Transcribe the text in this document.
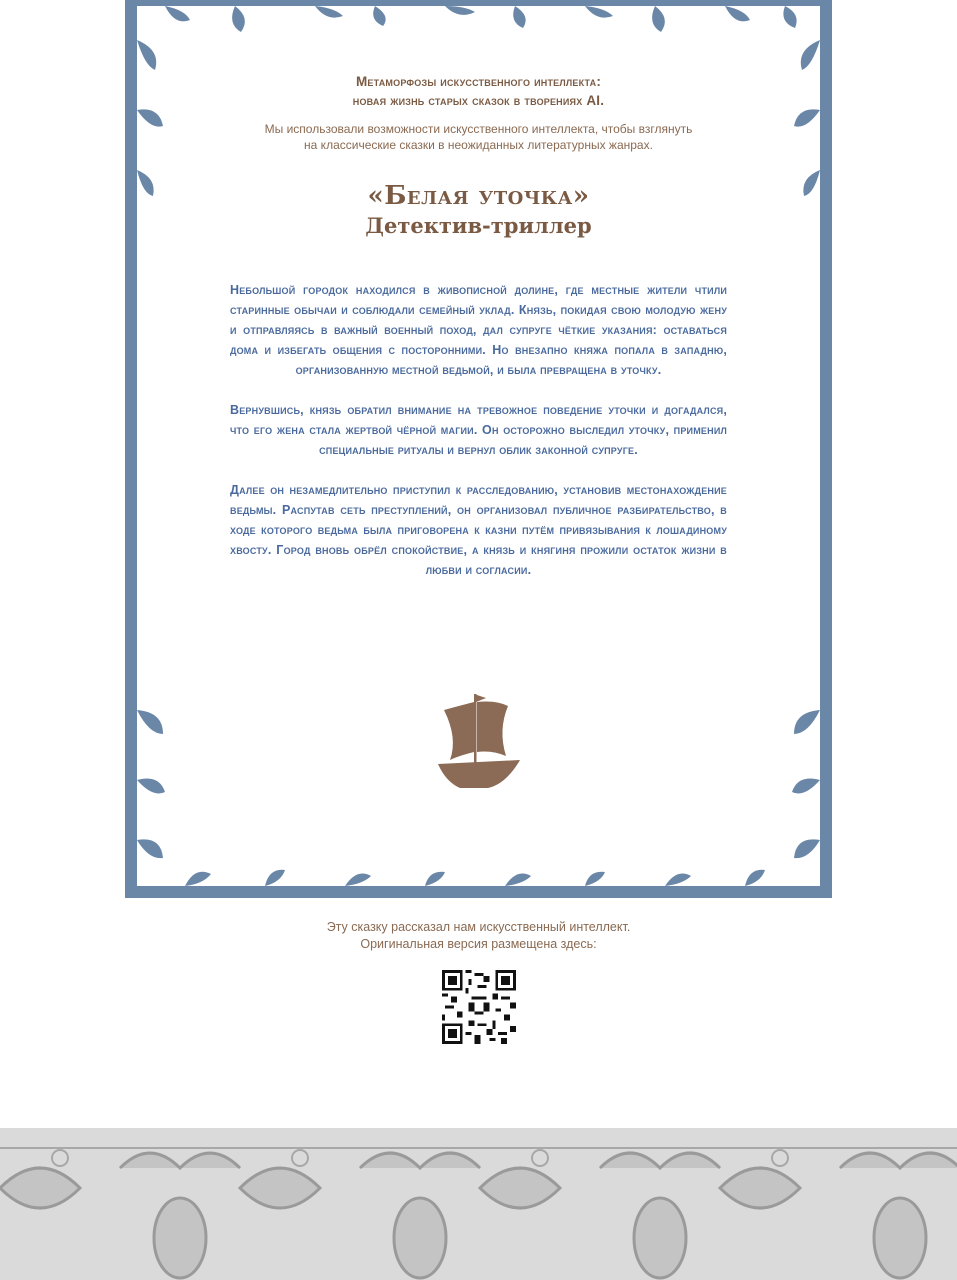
Метаморфозы искусственного интеллекта:
новая жизнь старых сказок в творениях AI.
Мы использовали возможности искусственного интеллекта, чтобы взглянуть
на классические сказки в неожиданных литературных жанрах.
«Белая уточка»
Детектив-триллер

Небольшой городок находился в живописной долине, где местные жители чтили старинные обычаи и соблюдали семейный уклад. Князь, покидая свою молодую жену и отправляясь в важный военный поход, дал супруге чёткие указания: оставаться дома и избегать общения с посторонними. Но внезапно княжа попала в западню, организованную местной ведьмой, и была превращена в уточку.

Вернувшись, князь обратил внимание на тревожное поведение уточки и догадался, что его жена стала жертвой чёрной магии. Он осторожно выследил уточку, применил специальные ритуалы и вернул облик законной супруге.

Далее он незамедлительно приступил к расследованию, установив местонахождение ведьмы. Распутав сеть преступлений, он организовал публичное разбирательство, в ходе которого ведьма была приговорена к казни путём привязывания к лошадиному хвосту. Город вновь обрёл спокойствие, а князь и княгиня прожили остаток жизни в любви и согласии.

Эту сказку рассказал нам искусственный интеллект.
Оригинальная версия размещена здесь:
